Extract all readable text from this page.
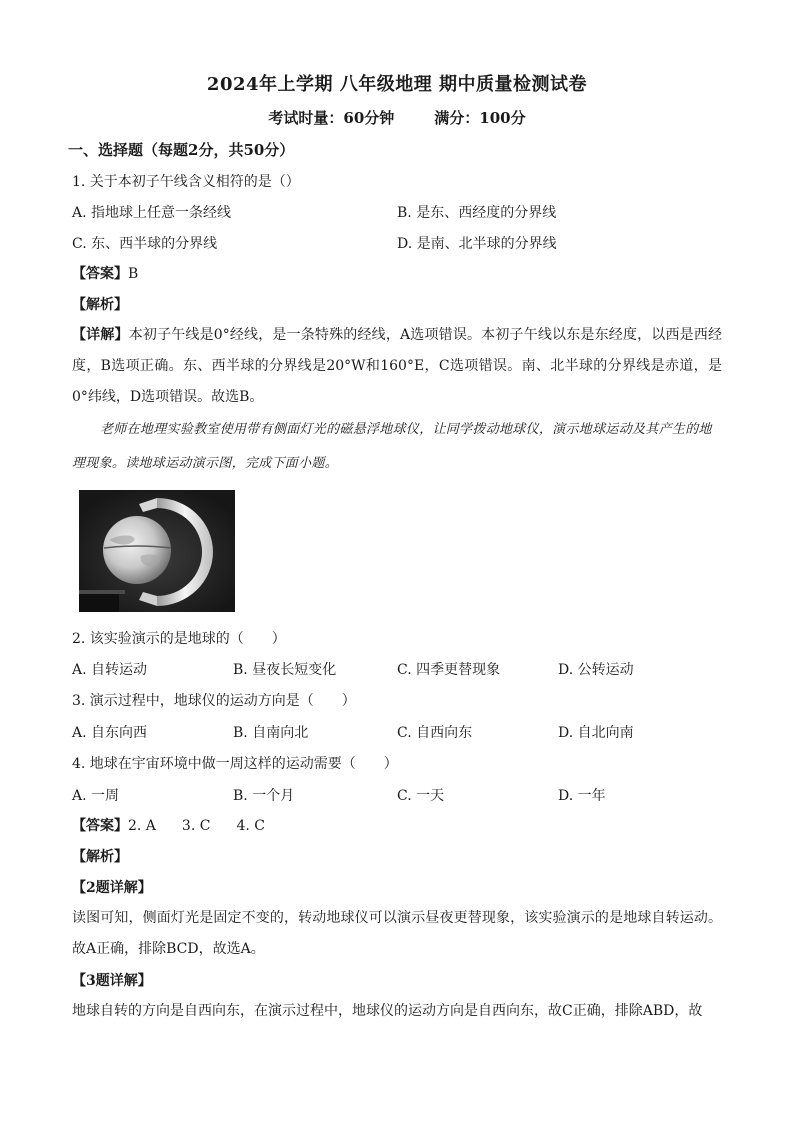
2024年上学期 八年级地理 期中质量检测试卷
考试时量：60分钟	满分：100分
一、选择题（每题2分，共50分）
1. 关于本初子午线含义相符的是（）
A. 指地球上任意一条经线	B. 是东、西经度的分界线
C. 东、西半球的分界线	D. 是南、北半球的分界线
【答案】B
【解析】
【详解】本初子午线是0°经线，是一条特殊的经线，A选项错误。本初子午线以东是东经度，以西是西经度，B选项正确。东、西半球的分界线是20°W和160°E，C选项错误。南、北半球的分界线是赤道，是0°纬线，D选项错误。故选B。
老师在地理实验教室使用带有侧面灯光的磁悬浮地球仪，让同学拨动地球仪，演示地球运动及其产生的地理现象。读地球运动演示图，完成下面小题。
2. 该实验演示的是地球的（　　）
A. 自转运动	B. 昼夜长短变化	C. 四季更替现象	D. 公转运动
3. 演示过程中，地球仪的运动方向是（　　）
A. 自东向西	B. 自南向北	C. 自西向东	D. 自北向南
4. 地球在宇宙环境中做一周这样的运动需要（　　）
A. 一周	B. 一个月	C. 一天	D. 一年
【答案】2. A 3. C 4. C
【解析】
【2题详解】
读图可知，侧面灯光是固定不变的，转动地球仪可以演示昼夜更替现象，该实验演示的是地球自转运动。故A正确，排除BCD，故选A。
【3题详解】
地球自转的方向是自西向东，在演示过程中，地球仪的运动方向是自西向东，故C正确，排除ABD，故
